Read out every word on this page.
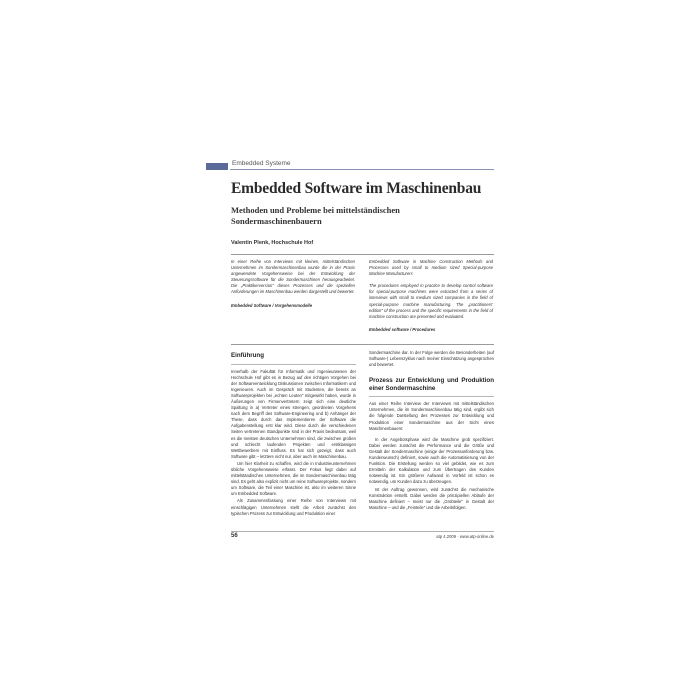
Embedded Systeme
Embedded Software im Maschinenbau
Methoden und Probleme bei mittelständischen Sondermaschinenbauern
Valentin Plenk, Hochschule Hof
In einer Reihe von Interviews mit kleinen, mittelständischen Unternehmen im Sondermaschinenbau wurde die in der Praxis angewendete Vorgehensweise bei der Entwicklung der Steuerungssoftware für die Sondermaschinen herausgearbeitet. Die „Praktikerversion" dieses Prozesses und die speziellen Anforderungen im Maschinenbau werden dargestellt und bewertet.
Embedded Software / Vorgehensmodelle
Embedded Software in Machine Construction Methods and Processes used by small to medium sized Special-purpose Machine Manufacturers
The procedures employed in practice to develop control software for special-purpose machines were extracted from a series of interviews with small to medium sized companies in the field of special-purpose machine manufacturing. The „practitioners' edition" of the process and the specific requirements in the field of machine construction are presented and evaluated.
Embedded software / Procedures
Einführung

Innerhalb der Fakultät für Informatik und Ingenieurwesen der Hochschule Hof gibt es in Bezug auf den richtigen Vorgehen bei der Softwareentwicklung Diskussionen zwischen Informatikern und Ingenieuren. Auch im Gespräch mit Studenten, die bereits an Softwareprojekten bei „echten Leuten" mitgewirkt haben, wurde in Äußerungen von Firmenvertretern zeigt sich eine deutliche Spaltung in a) Vertreter eines strengen, geordneten Vorgehens nach dem Begriff des Software-Engineering und b) Anhänger der These, dass durch das Implementieren der Software die Aufgabenstellung erst klar wird. Diese durch die verschiedenen Seiten vertretenen Standpunkte sind in der Praxis bedeutsam, weil es die meisten deutschen Unternehmen sind, die zwischen großen und schlecht laufenden Projekten und erstklassigen Wettbewerbern mit Einfluss. Es hat sich gezeigt, dass auch Software gibt – letztere nicht nur, aber auch im Maschinenbau.

Um hier Klarheit zu schaffen, wird die in Industrieunternehmen übliche Vorgehensweise erfasst. Der Fokus liegt dabei auf mittelständischen Unternehmen, die im Sondermaschinenbau tätig sind. Es geht also explizit nicht um reine Softwareprojekte, sondern um Software, die Teil einer Maschine ist, also im weiteren Sinne um Embedded Software.

Als Zusammenfassung einer Reihe von Interviews mit einschlägigen Unternehmen stellt die Arbeit zunächst den typischen Prozess zur Entwicklung und Produktion einer

Sondermaschine dar. In der Folge werden die Besonderheiten (auf Software-) Lebenszyklus nach meiner Einschätzung angesprochen und bewertet.

Prozess zur Entwicklung und Produktion einer Sondermaschine

Aus einer Reihe Interview der Interviews mit mittelständischen Unternehmen, die im Sondermaschinenbau tätig sind, ergibt sich die folgende Darstellung des Prozesses zur Entwicklung und Produktion einer Sondermaschine aus der Sicht eines Maschinenbauers:

In der Angebotsphase wird die Maschine grob spezifiziert. Dabei werden zunächst die Performance und die Größe und Gestalt der Sondermaschine (einige der Prozessanforderung bzw. Kundenwunsch) definiert, sowie auch die Automatisierung von der Funktion. Die Erstellung werden so viel gebildet, wie es zum Ermitteln der Kalkulation und zum Übertragen des Kunden notwendig ist. Ein größerer Aufwand in Vorfeld ist schon es notwendig, um Kunden dazu zu überzeugen.

Ist der Auftrag gewonnen, wird zunächst die mechanische Konstruktion erstellt. Dabei werden die prinzipiellen Abläufe der Maschine definiert – meist nur die „Grobteile" in Gestalt der Maschine – und die „Feinteile" und die Arbeitsfolgen.

56	atp 4.2009 · www.atp-online.de
